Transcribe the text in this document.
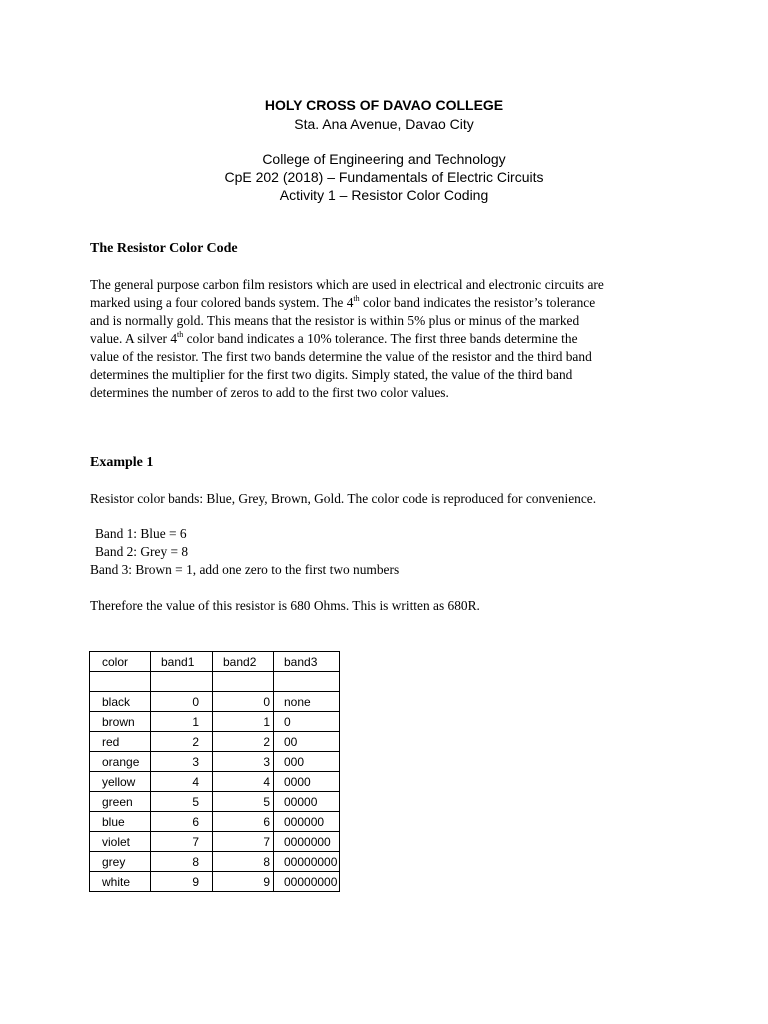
HOLY CROSS OF DAVAO COLLEGE
Sta. Ana Avenue, Davao City
College of Engineering and Technology
CpE 202 (2018) – Fundamentals of Electric Circuits
Activity 1 – Resistor Color Coding
The Resistor Color Code
The general purpose carbon film resistors which are used in electrical and electronic circuits are
marked using a four colored bands system. The 4th color band indicates the resistor’s tolerance
and is normally gold. This means that the resistor is within 5% plus or minus of the marked
value. A silver 4th color band indicates a 10% tolerance. The first three bands determine the
value of the resistor. The first two bands determine the value of the resistor and the third band
determines the multiplier for the first two digits. Simply stated, the value of the third band
determines the number of zeros to add to the first two color values.
Example 1
Resistor color bands: Blue, Grey, Brown, Gold. The color code is reproduced for convenience.
Band 1: Blue = 6
Band 2: Grey = 8
Band 3: Brown = 1, add one zero to the first two numbers
Therefore the value of this resistor is 680 Ohms. This is written as 680R.
color	band1	band2	band3

black	0	0	none
brown	1	1	0
red	2	2	00
orange	3	3	000
yellow	4	4	0000
green	5	5	00000
blue	6	6	000000
violet	7	7	0000000
grey	8	8	00000000
white	9	9	00000000
